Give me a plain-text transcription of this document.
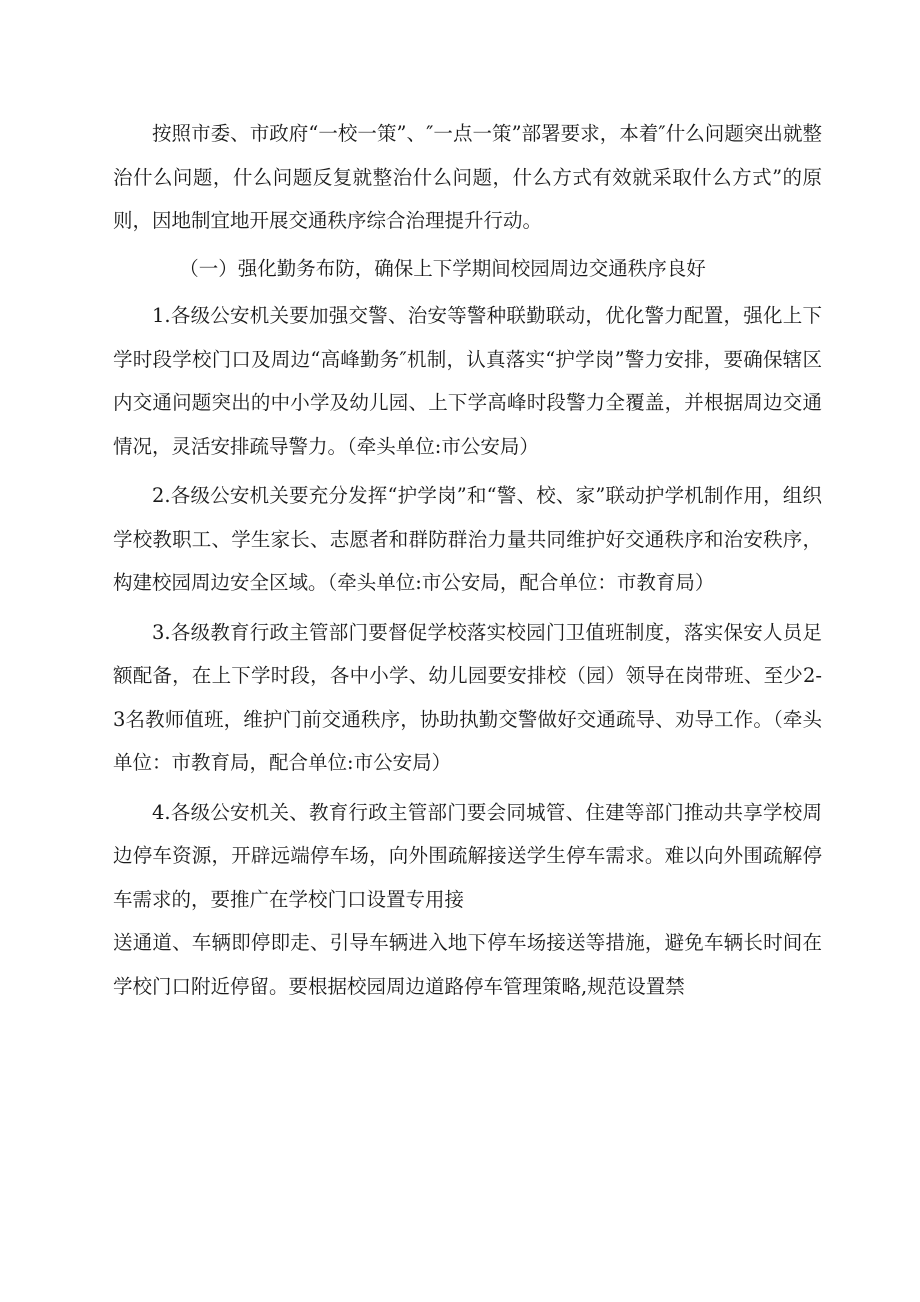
按照市委、市政府“一校一策”、″一点一策”部署要求，本着″什么问题突出就整治什么问题，什么问题反复就整治什么问题，什么方式有效就采取什么方式”的原则，因地制宜地开展交通秩序综合治理提升行动。

（一）强化勤务布防，确保上下学期间校园周边交通秩序良好

1.各级公安机关要加强交警、治安等警种联勤联动，优化警力配置，强化上下学时段学校门口及周边“高峰勤务″机制，认真落实“护学岗”警力安排，要确保辖区内交通问题突出的中小学及幼儿园、上下学高峰时段警力全覆盖，并根据周边交通情况，灵活安排疏导警力。（牵头单位:市公安局）

2.各级公安机关要充分发挥“护学岗”和“警、校、家”联动护学机制作用，组织学校教职工、学生家长、志愿者和群防群治力量共同维护好交通秩序和治安秩序，构建校园周边安全区域。（牵头单位:市公安局，配合单位：市教育局）

3.各级教育行政主管部门要督促学校落实校园门卫值班制度，落实保安人员足额配备，在上下学时段，各中小学、幼儿园要安排校（园）领导在岗带班、至少2-3名教师值班，维护门前交通秩序，协助执勤交警做好交通疏导、劝导工作。（牵头单位：市教育局，配合单位:市公安局）

4.各级公安机关、教育行政主管部门要会同城管、住建等部门推动共享学校周边停车资源，开辟远端停车场，向外围疏解接送学生停车需求。难以向外围疏解停车需求的，要推广在学校门口设置专用接

送通道、车辆即停即走、引导车辆进入地下停车场接送等措施，避免车辆长时间在学校门口附近停留。要根据校园周边道路停车管理策略,规范设置禁
